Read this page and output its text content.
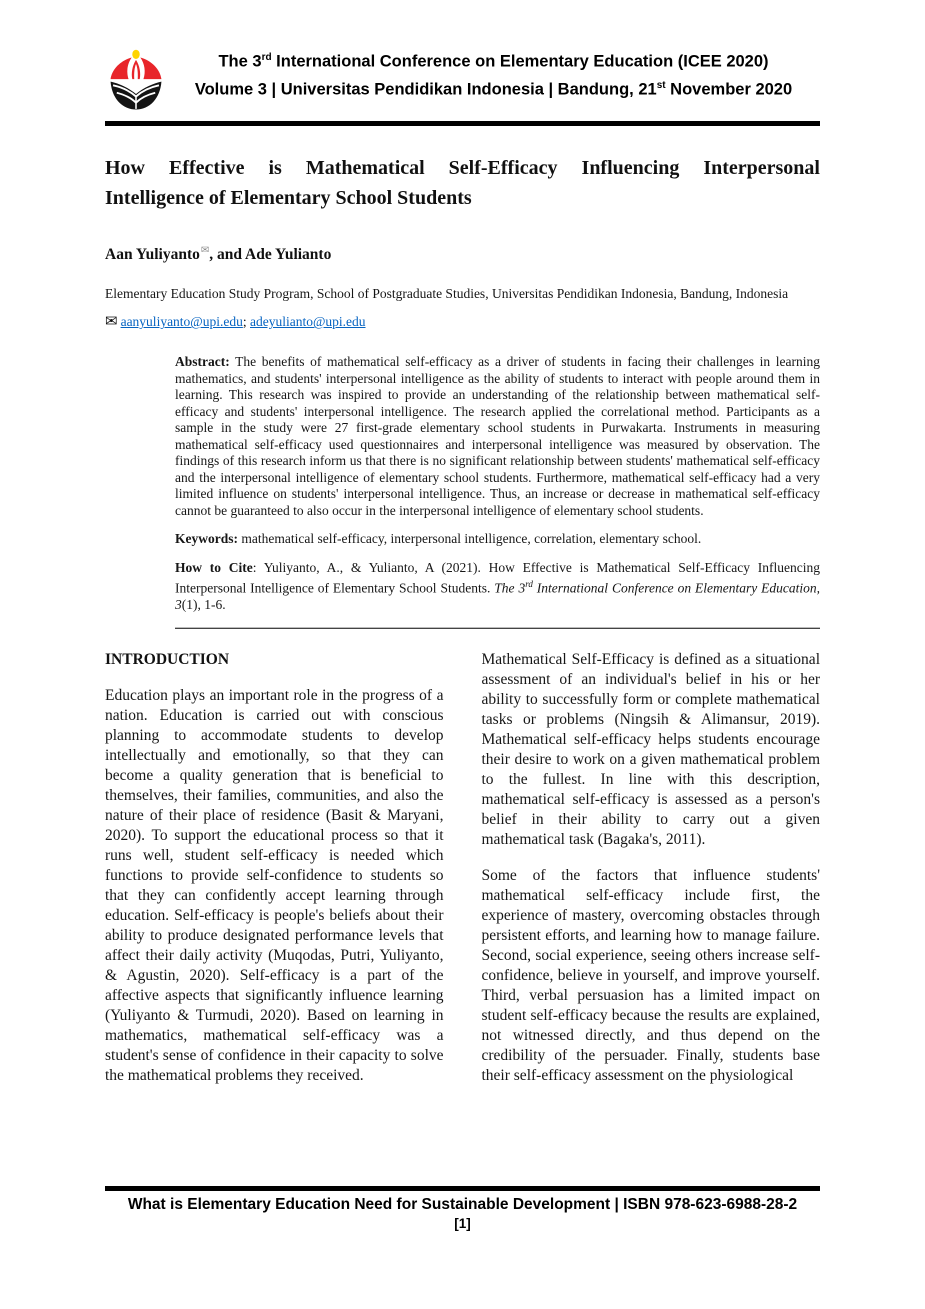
The 3rd International Conference on Elementary Education (ICEE 2020)
Volume 3 | Universitas Pendidikan Indonesia | Bandung, 21st November 2020
How Effective is Mathematical Self-Efficacy Influencing Interpersonal
Intelligence of Elementary School Students

Aan Yuliyanto✉, and Ade Yulianto

Elementary Education Study Program, School of Postgraduate Studies, Universitas Pendidikan Indonesia, Bandung, Indonesia

✉ aanyuliyanto@upi.edu; adeyulianto@upi.edu

Abstract: The benefits of mathematical self-efficacy as a driver of students in facing their challenges in learning mathematics, and students' interpersonal intelligence as the ability of students to interact with people around them in learning. This research was inspired to provide an understanding of the relationship between mathematical self-efficacy and students' interpersonal intelligence. The research applied the correlational method. Participants as a sample in the study were 27 first-grade elementary school students in Purwakarta. Instruments in measuring mathematical self-efficacy used questionnaires and interpersonal intelligence was measured by observation. The findings of this research inform us that there is no significant relationship between students' mathematical self-efficacy and the interpersonal intelligence of elementary school students. Furthermore, mathematical self-efficacy had a very limited influence on students' interpersonal intelligence. Thus, an increase or decrease in mathematical self-efficacy cannot be guaranteed to also occur in the interpersonal intelligence of elementary school students.

Keywords: mathematical self-efficacy, interpersonal intelligence, correlation, elementary school.

How to Cite: Yuliyanto, A., & Yulianto, A (2021). How Effective is Mathematical Self-Efficacy Influencing Interpersonal Intelligence of Elementary School Students. The 3rd International Conference on Elementary Education, 3(1), 1-6.

INTRODUCTION

Education plays an important role in the progress of a nation. Education is carried out with conscious planning to accommodate students to develop intellectually and emotionally, so that they can become a quality generation that is beneficial to themselves, their families, communities, and also the nature of their place of residence (Basit & Maryani, 2020). To support the educational process so that it runs well, student self-efficacy is needed which functions to provide self-confidence to students so that they can confidently accept learning through education. Self-efficacy is people's beliefs about their ability to produce designated performance levels that affect their daily activity (Muqodas, Putri, Yuliyanto, & Agustin, 2020). Self-efficacy is a part of the affective aspects that significantly influence learning (Yuliyanto & Turmudi, 2020). Based on learning in mathematics, mathematical self-efficacy was a student's sense of confidence in their capacity to solve the mathematical problems they received.

Mathematical Self-Efficacy is defined as a situational assessment of an individual's belief in his or her ability to successfully form or complete mathematical tasks or problems (Ningsih & Alimansur, 2019). Mathematical self-efficacy helps students encourage their desire to work on a given mathematical problem to the fullest. In line with this description, mathematical self-efficacy is assessed as a person's belief in their ability to carry out a given mathematical task (Bagaka's, 2011).

Some of the factors that influence students' mathematical self-efficacy include first, the experience of mastery, overcoming obstacles through persistent efforts, and learning how to manage failure. Second, social experience, seeing others increase self-confidence, believe in yourself, and improve yourself. Third, verbal persuasion has a limited impact on student self-efficacy because the results are explained, not witnessed directly, and thus depend on the credibility of the persuader. Finally, students base their self-efficacy assessment on the physiological

What is Elementary Education Need for Sustainable Development | ISBN 978-623-6988-28-2
[1]
